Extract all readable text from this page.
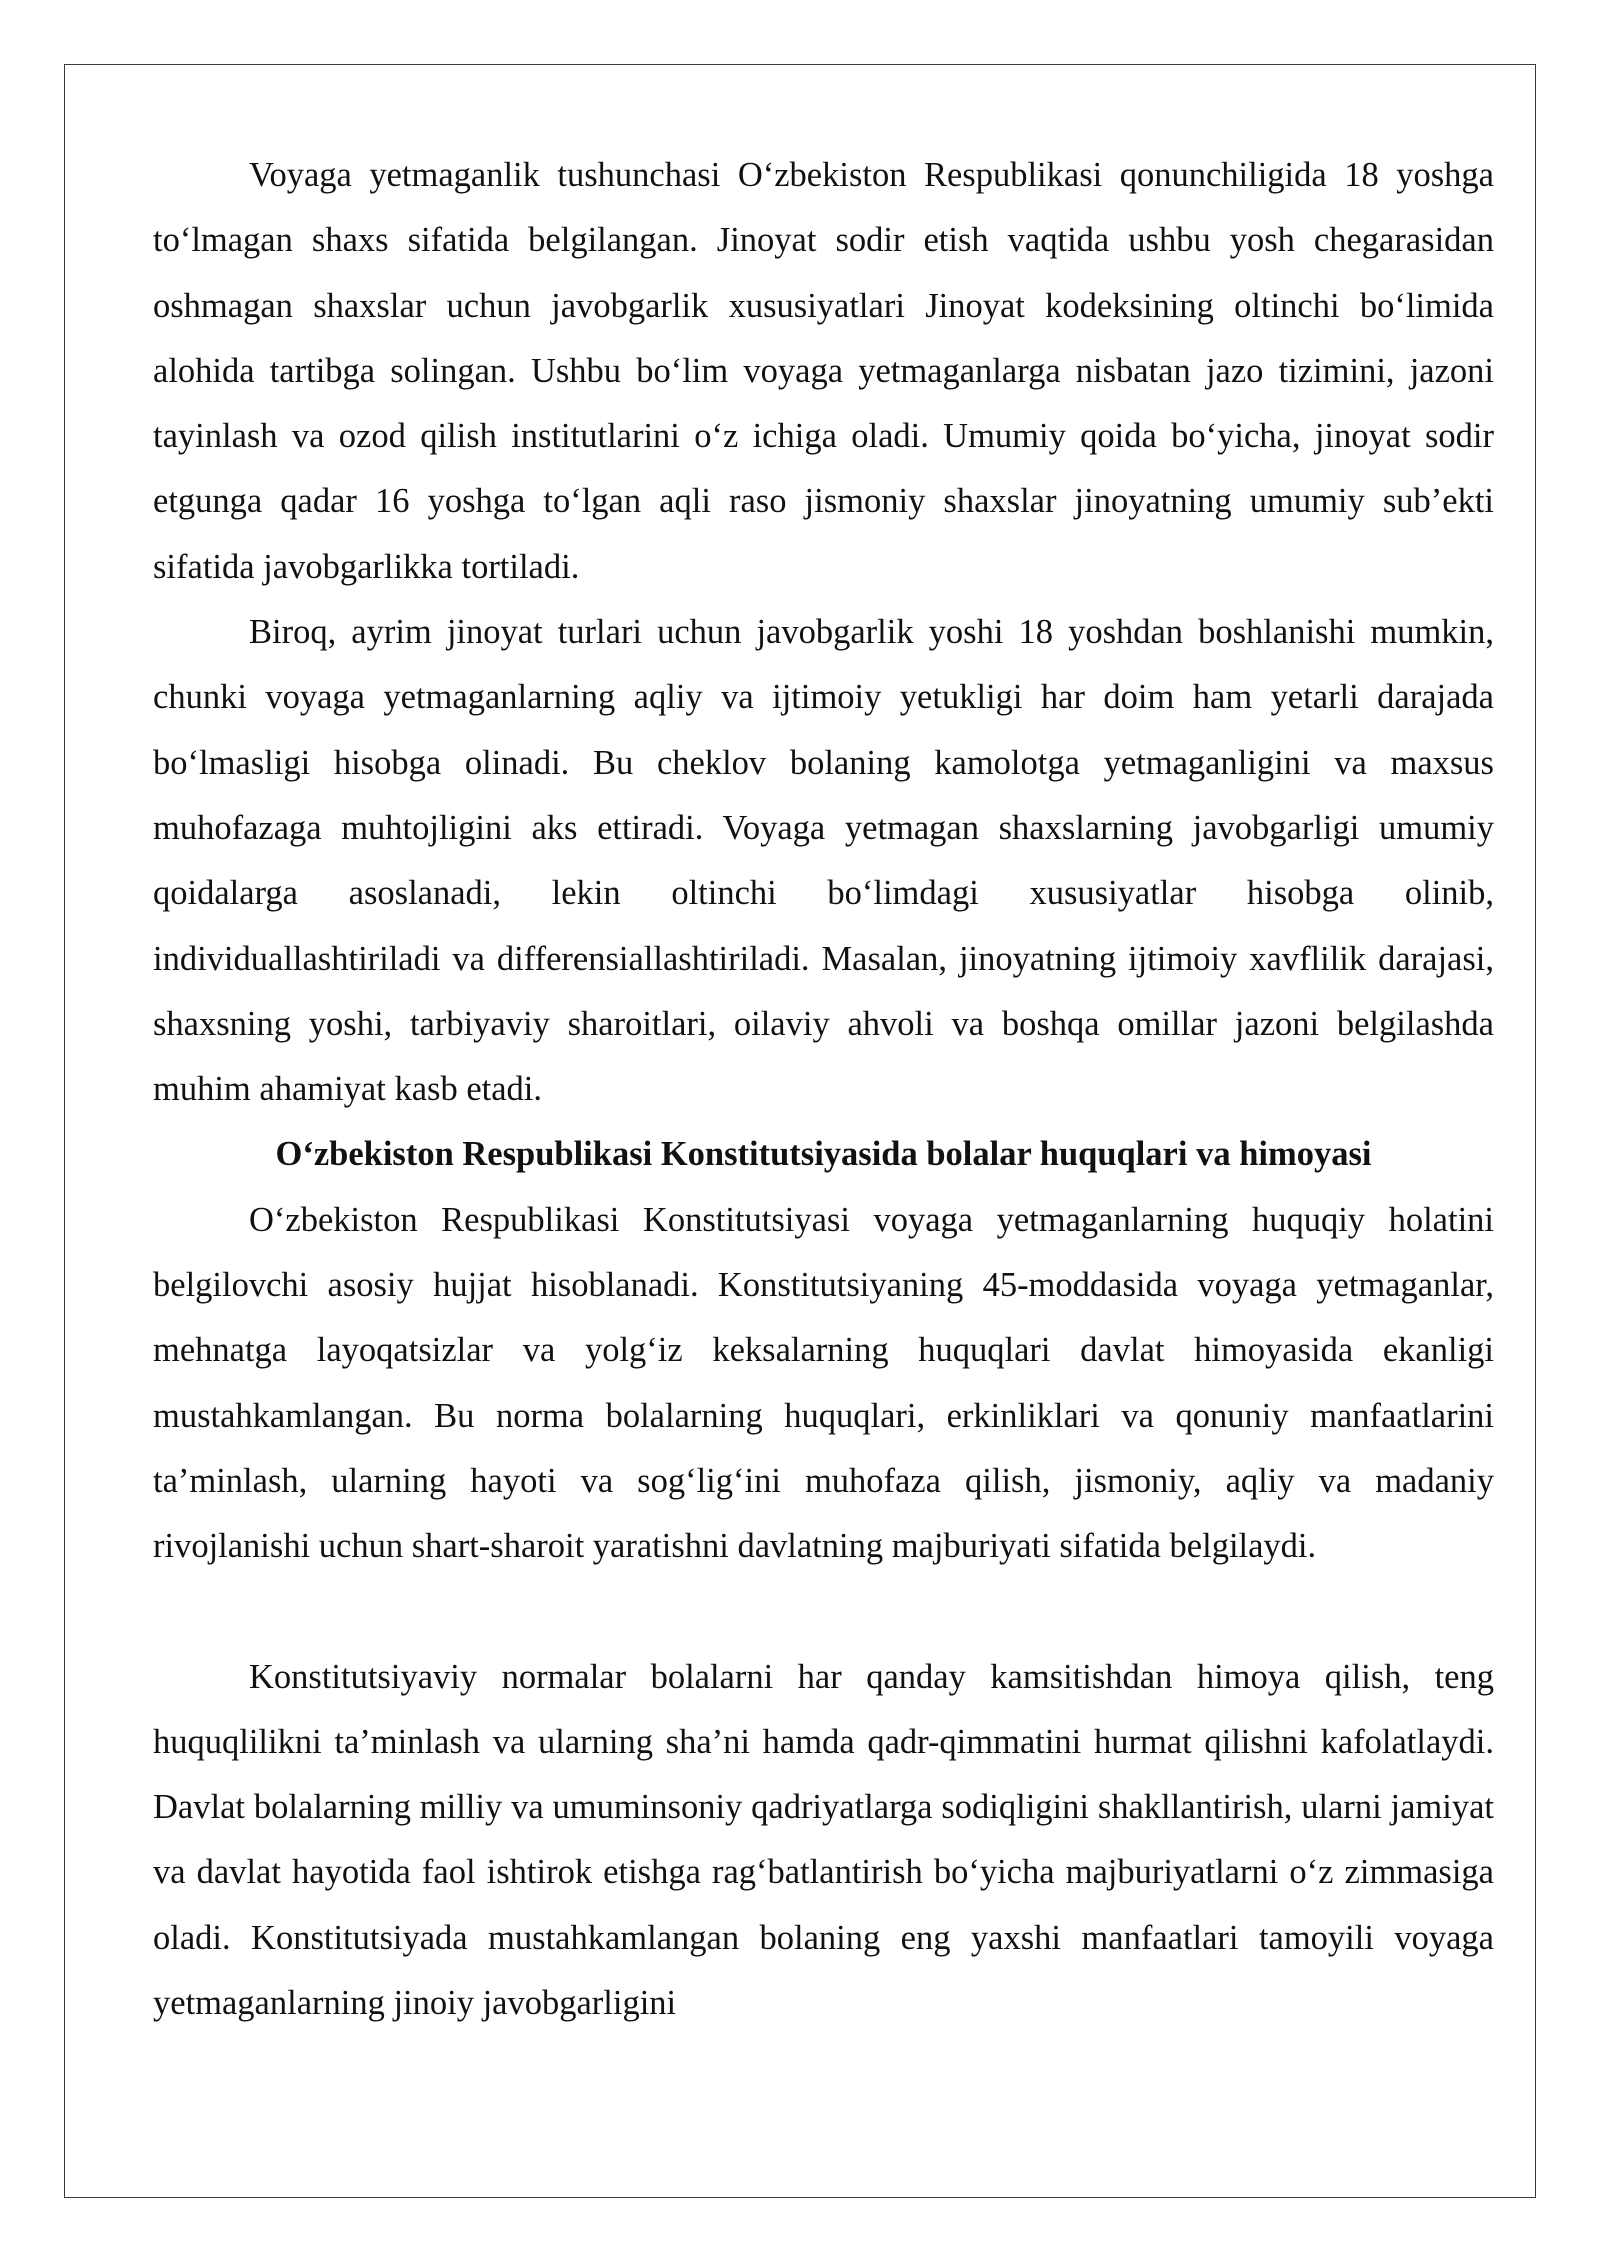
Voyaga yetmaganlik tushunchasi O‘zbekiston Respublikasi qonunchiligida 18 yoshga to‘lmagan shaxs sifatida belgilangan. Jinoyat sodir etish vaqtida ushbu yosh chegarasidan oshmagan shaxslar uchun javobgarlik xususiyatlari Jinoyat kodeksining oltinchi bo‘limida alohida tartibga solingan. Ushbu bo‘lim voyaga yetmaganlarga nisbatan jazo tizimini, jazoni tayinlash va ozod qilish institutlarini o‘z ichiga oladi. Umumiy qoida bo‘yicha, jinoyat sodir etgunga qadar 16 yoshga to‘lgan aqli raso jismoniy shaxslar jinoyatning umumiy sub’ekti sifatida javobgarlikka tortiladi.

Biroq, ayrim jinoyat turlari uchun javobgarlik yoshi 18 yoshdan boshlanishi mumkin, chunki voyaga yetmaganlarning aqliy va ijtimoiy yetukligi har doim ham yetarli darajada bo‘lmasligi hisobga olinadi. Bu cheklov bolaning kamolotga yetmaganligini va maxsus muhofazaga muhtojligini aks ettiradi. Voyaga yetmagan shaxslarning javobgarligi umumiy qoidalarga asoslanadi, lekin oltinchi bo‘limdagi xususiyatlar hisobga olinib, individuallashtiriladi va differensiallashtiriladi. Masalan, jinoyatning ijtimoiy xavflilik darajasi, shaxsning yoshi, tarbiyaviy sharoitlari, oilaviy ahvoli va boshqa omillar jazoni belgilashda muhim ahamiyat kasb etadi.

O‘zbekiston Respublikasi Konstitutsiyasida bolalar huquqlari va himoyasi

O‘zbekiston Respublikasi Konstitutsiyasi voyaga yetmaganlarning huquqiy holatini belgilovchi asosiy hujjat hisoblanadi. Konstitutsiyaning 45-moddasida voyaga yetmaganlar, mehnatga layoqatsizlar va yolg‘iz keksalarning huquqlari davlat himoyasida ekanligi mustahkamlangan. Bu norma bolalarning huquqlari, erkinliklari va qonuniy manfaatlarini ta’minlash, ularning hayoti va sog‘lig‘ini muhofaza qilish, jismoniy, aqliy va madaniy rivojlanishi uchun shart-sharoit yaratishni davlatning majburiyati sifatida belgilaydi.

Konstitutsiyaviy normalar bolalarni har qanday kamsitishdan himoya qilish, teng huquqlilikni ta’minlash va ularning sha’ni hamda qadr-qimmatini hurmat qilishni kafolatlaydi. Davlat bolalarning milliy va umuminsoniy qadriyatlarga sodiqligini shakllantirish, ularni jamiyat va davlat hayotida faol ishtirok etishga rag‘batlantirish bo‘yicha majburiyatlarni o‘z zimmasiga oladi. Konstitutsiyada mustahkamlangan bolaning eng yaxshi manfaatlari tamoyili voyaga yetmaganlarning jinoiy javobgarligini
